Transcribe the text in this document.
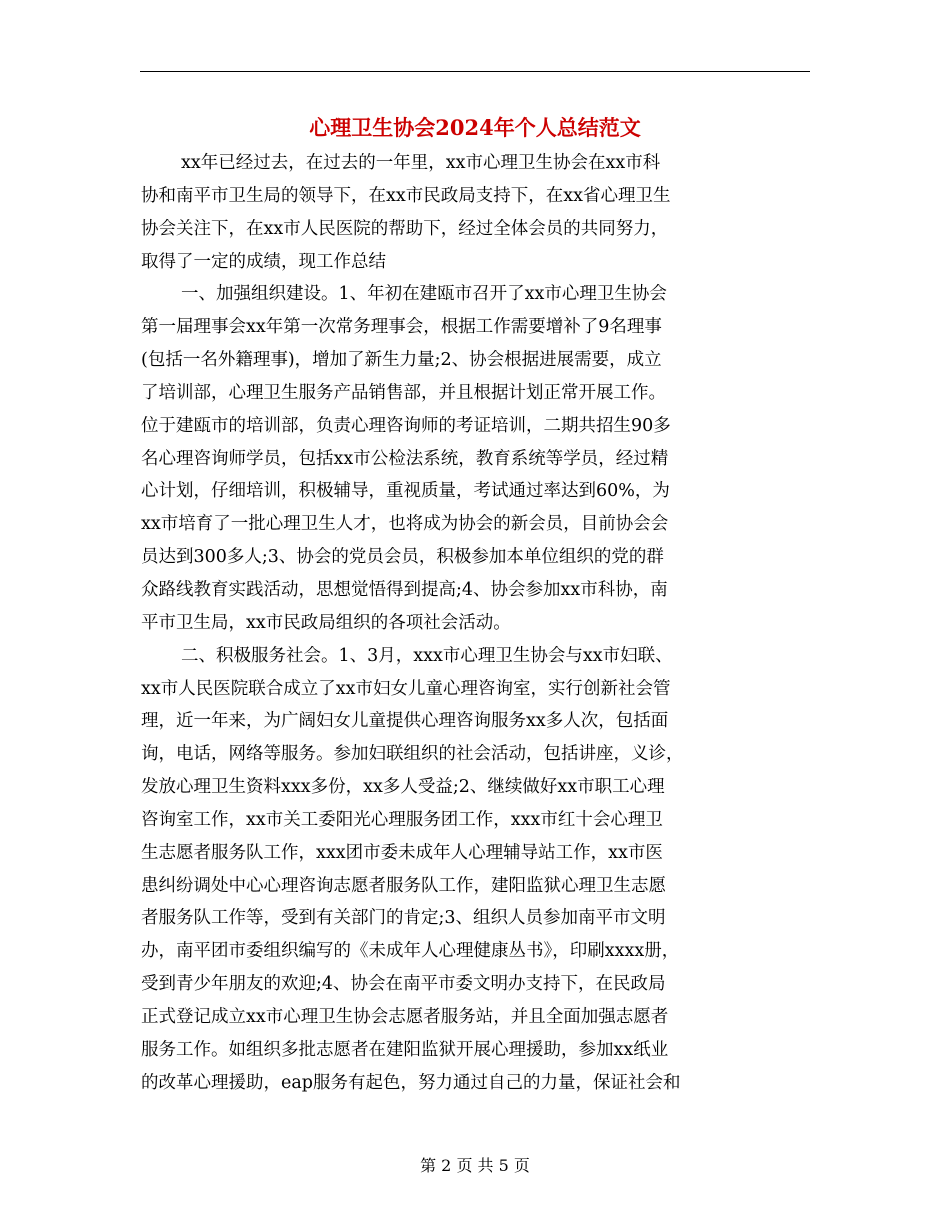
心理卫生协会2024年个人总结范文
xx年已经过去，在过去的一年里，xx市心理卫生协会在xx市科
协和南平市卫生局的领导下，在xx市民政局支持下，在xx省心理卫生
协会关注下，在xx市人民医院的帮助下，经过全体会员的共同努力，
取得了一定的成绩，现工作总结
一、加强组织建设。1、年初在建瓯市召开了xx市心理卫生协会
第一届理事会xx年第一次常务理事会，根据工作需要增补了9名理事
(包括一名外籍理事)，增加了新生力量;2、协会根据进展需要，成立
了培训部，心理卫生服务产品销售部，并且根据计划正常开展工作。
位于建瓯市的培训部，负责心理咨询师的考证培训，二期共招生90多
名心理咨询师学员，包括xx市公检法系统，教育系统等学员，经过精
心计划，仔细培训，积极辅导，重视质量，考试通过率达到60%，为
xx市培育了一批心理卫生人才，也将成为协会的新会员，目前协会会
员达到300多人;3、协会的党员会员，积极参加本单位组织的党的群
众路线教育实践活动，思想觉悟得到提高;4、协会参加xx市科协，南
平市卫生局，xx市民政局组织的各项社会活动。
二、积极服务社会。1、3月，xxx市心理卫生协会与xx市妇联、
xx市人民医院联合成立了xx市妇女儿童心理咨询室，实行创新社会管
理，近一年来，为广阔妇女儿童提供心理咨询服务xx多人次，包括面
询，电话，网络等服务。参加妇联组织的社会活动，包括讲座，义诊，
发放心理卫生资料xxx多份，xx多人受益;2、继续做好xx市职工心理
咨询室工作，xx市关工委阳光心理服务团工作，xxx市红十会心理卫
生志愿者服务队工作，xxx团市委未成年人心理辅导站工作，xx市医
患纠纷调处中心心理咨询志愿者服务队工作，建阳监狱心理卫生志愿
者服务队工作等，受到有关部门的肯定;3、组织人员参加南平市文明
办，南平团市委组织编写的《未成年人心理健康丛书》，印刷xxxx册，
受到青少年朋友的欢迎;4、协会在南平市委文明办支持下，在民政局
正式登记成立xx市心理卫生协会志愿者服务站，并且全面加强志愿者
服务工作。如组织多批志愿者在建阳监狱开展心理援助，参加xx纸业
的改革心理援助，eap服务有起色，努力通过自己的力量，保证社会和
第 2 页 共 5 页
